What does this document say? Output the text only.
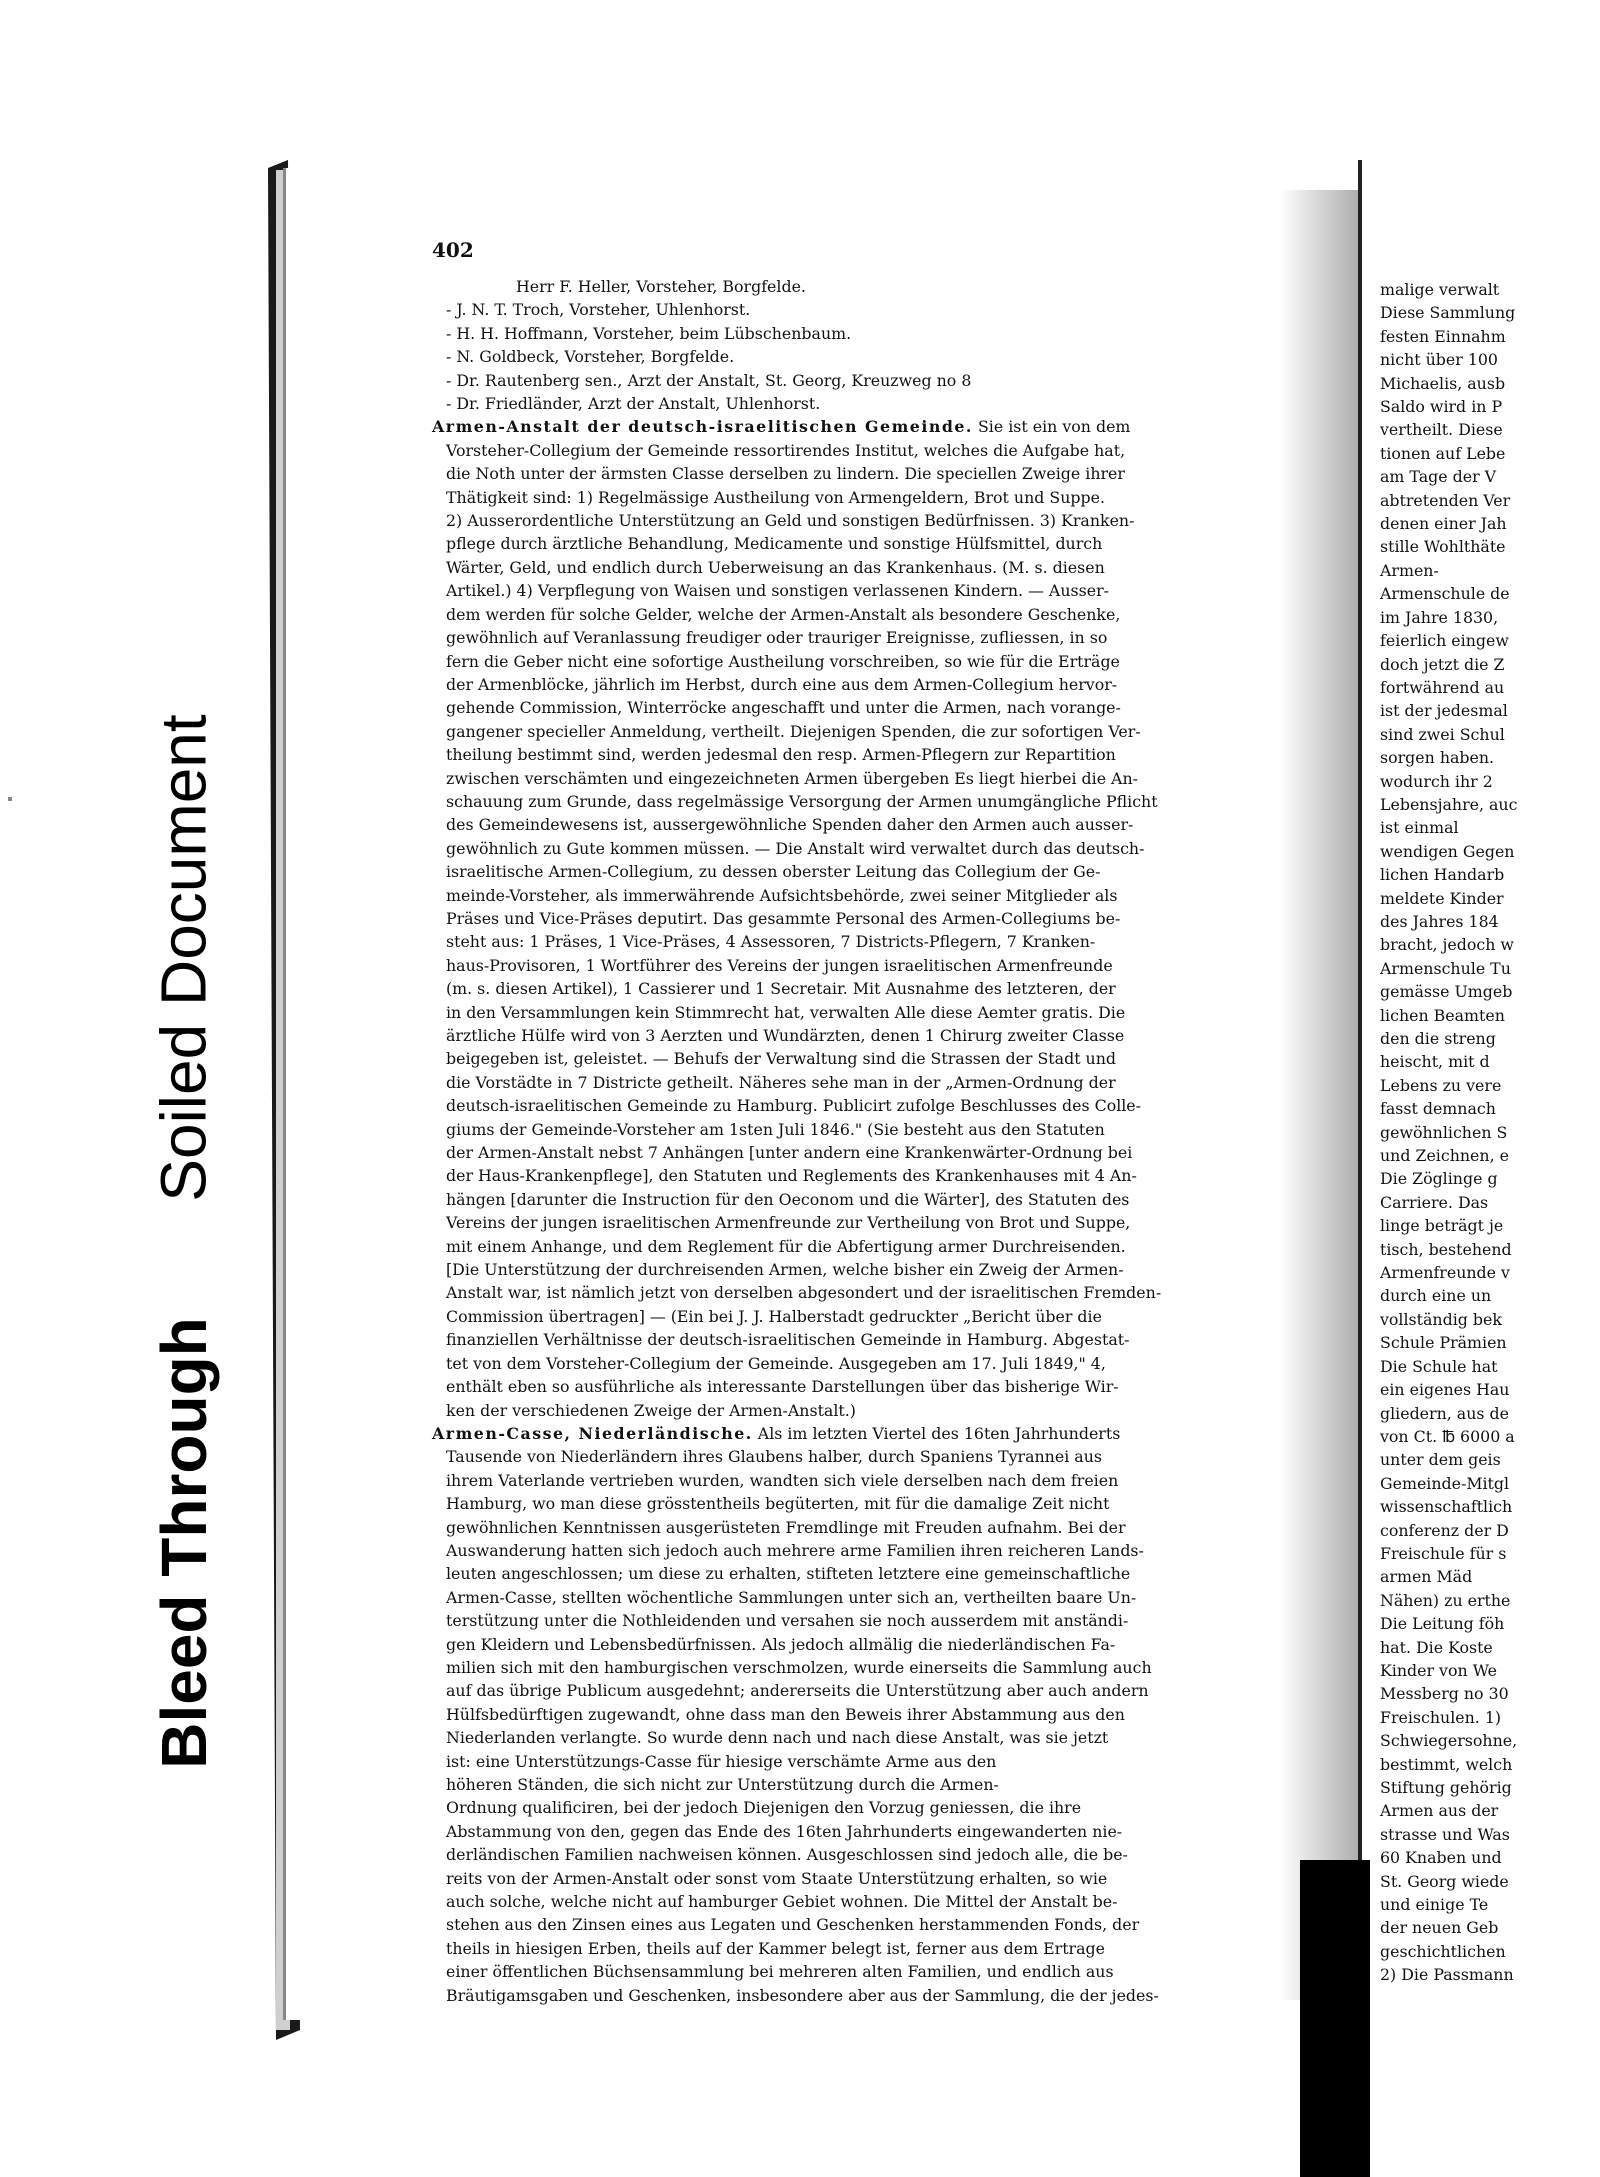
Soiled Document
Bleed Through
402
Herr F. Heller, Vorsteher, Borgfelde.
- J. N. T. Troch, Vorsteher, Uhlenhorst.
- H. H. Hoffmann, Vorsteher, beim Lübschenbaum.
- N. Goldbeck, Vorsteher, Borgfelde.
- Dr. Rautenberg sen., Arzt der Anstalt, St. Georg, Kreuzweg no 8
- Dr. Friedländer, Arzt der Anstalt, Uhlenhorst.
Armen-Anstalt der deutsch-israelitischen Gemeinde. Sie ist ein von dem
Vorsteher-Collegium der Gemeinde ressortirendes Institut, welches die Aufgabe hat,
die Noth unter der ärmsten Classe derselben zu lindern. Die speciellen Zweige ihrer
Thätigkeit sind: 1) Regelmässige Austheilung von Armengeldern, Brot und Suppe.
2) Ausserordentliche Unterstützung an Geld und sonstigen Bedürfnissen. 3) Kranken-
pflege durch ärztliche Behandlung, Medicamente und sonstige Hülfsmittel, durch
Wärter, Geld, und endlich durch Ueberweisung an das Krankenhaus. (M. s. diesen
Artikel.) 4) Verpflegung von Waisen und sonstigen verlassenen Kindern. — Ausser-
dem werden für solche Gelder, welche der Armen-Anstalt als besondere Geschenke,
gewöhnlich auf Veranlassung freudiger oder trauriger Ereignisse, zufliessen, in so
fern die Geber nicht eine sofortige Austheilung vorschreiben, so wie für die Erträge
der Armenblöcke, jährlich im Herbst, durch eine aus dem Armen-Collegium hervor-
gehende Commission, Winterröcke angeschafft und unter die Armen, nach vorange-
gangener specieller Anmeldung, vertheilt. Diejenigen Spenden, die zur sofortigen Ver-
theilung bestimmt sind, werden jedesmal den resp. Armen-Pflegern zur Repartition
zwischen verschämten und eingezeichneten Armen übergeben Es liegt hierbei die An-
schauung zum Grunde, dass regelmässige Versorgung der Armen unumgängliche Pflicht
des Gemeindewesens ist, aussergewöhnliche Spenden daher den Armen auch ausser-
gewöhnlich zu Gute kommen müssen. — Die Anstalt wird verwaltet durch das deutsch-
israelitische Armen-Collegium, zu dessen oberster Leitung das Collegium der Ge-
meinde-Vorsteher, als immerwährende Aufsichtsbehörde, zwei seiner Mitglieder als
Präses und Vice-Präses deputirt. Das gesammte Personal des Armen-Collegiums be-
steht aus: 1 Präses, 1 Vice-Präses, 4 Assessoren, 7 Districts-Pflegern, 7 Kranken-
haus-Provisoren, 1 Wortführer des Vereins der jungen israelitischen Armenfreunde
(m. s. diesen Artikel), 1 Cassierer und 1 Secretair. Mit Ausnahme des letzteren, der
in den Versammlungen kein Stimmrecht hat, verwalten Alle diese Aemter gratis. Die
ärztliche Hülfe wird von 3 Aerzten und Wundärzten, denen 1 Chirurg zweiter Classe
beigegeben ist, geleistet. — Behufs der Verwaltung sind die Strassen der Stadt und
die Vorstädte in 7 Districte getheilt. Näheres sehe man in der „Armen-Ordnung der
deutsch-israelitischen Gemeinde zu Hamburg. Publicirt zufolge Beschlusses des Colle-
giums der Gemeinde-Vorsteher am 1sten Juli 1846." (Sie besteht aus den Statuten
der Armen-Anstalt nebst 7 Anhängen [unter andern eine Krankenwärter-Ordnung bei
der Haus-Krankenpflege], den Statuten und Reglements des Krankenhauses mit 4 An-
hängen [darunter die Instruction für den Oeconom und die Wärter], des Statuten des
Vereins der jungen israelitischen Armenfreunde zur Vertheilung von Brot und Suppe,
mit einem Anhange, und dem Reglement für die Abfertigung armer Durchreisenden.
[Die Unterstützung der durchreisenden Armen, welche bisher ein Zweig der Armen-
Anstalt war, ist nämlich jetzt von derselben abgesondert und der israelitischen Fremden-
Commission übertragen] — (Ein bei J. J. Halberstadt gedruckter „Bericht über die
finanziellen Verhältnisse der deutsch-israelitischen Gemeinde in Hamburg. Abgestat-
tet von dem Vorsteher-Collegium der Gemeinde. Ausgegeben am 17. Juli 1849," 4,
enthält eben so ausführliche als interessante Darstellungen über das bisherige Wir-
ken der verschiedenen Zweige der Armen-Anstalt.)
Armen-Casse, Niederländische. Als im letzten Viertel des 16ten Jahrhunderts
Tausende von Niederländern ihres Glaubens halber, durch Spaniens Tyrannei aus
ihrem Vaterlande vertrieben wurden, wandten sich viele derselben nach dem freien
Hamburg, wo man diese grösstentheils begüterten, mit für die damalige Zeit nicht
gewöhnlichen Kenntnissen ausgerüsteten Fremdlinge mit Freuden aufnahm. Bei der
Auswanderung hatten sich jedoch auch mehrere arme Familien ihren reicheren Lands-
leuten angeschlossen; um diese zu erhalten, stifteten letztere eine gemeinschaftliche
Armen-Casse, stellten wöchentliche Sammlungen unter sich an, vertheilten baare Un-
terstützung unter die Nothleidenden und versahen sie noch ausserdem mit anständi-
gen Kleidern und Lebensbedürfnissen. Als jedoch allmälig die niederländischen Fa-
milien sich mit den hamburgischen verschmolzen, wurde einerseits die Sammlung auch
auf das übrige Publicum ausgedehnt; andererseits die Unterstützung aber auch andern
Hülfsbedürftigen zugewandt, ohne dass man den Beweis ihrer Abstammung aus den
Niederlanden verlangte. So wurde denn nach und nach diese Anstalt, was sie jetzt
ist: eine Unterstützungs-Casse für hiesige verschämte Arme aus den
höheren Ständen, die sich nicht zur Unterstützung durch die Armen-
Ordnung qualificiren, bei der jedoch Diejenigen den Vorzug geniessen, die ihre
Abstammung von den, gegen das Ende des 16ten Jahrhunderts eingewanderten nie-
derländischen Familien nachweisen können. Ausgeschlossen sind jedoch alle, die be-
reits von der Armen-Anstalt oder sonst vom Staate Unterstützung erhalten, so wie
auch solche, welche nicht auf hamburger Gebiet wohnen. Die Mittel der Anstalt be-
stehen aus den Zinsen eines aus Legaten und Geschenken herstammenden Fonds, der
theils in hiesigen Erben, theils auf der Kammer belegt ist, ferner aus dem Ertrage
einer öffentlichen Büchsensammlung bei mehreren alten Familien, und endlich aus
Bräutigamsgaben und Geschenken, insbesondere aber aus der Sammlung, die der jedes-
malige verwalt
Diese Sammlung
festen Einnahm
nicht über 100
Michaelis, ausb
Saldo wird in P
vertheilt. Diese
tionen auf Lebe
am Tage der V
abtretenden Ver
denen einer Jah
stille Wohlthäte
Armen-
Armenschule de
im Jahre 1830,
feierlich eingew
doch jetzt die Z
fortwährend au
ist der jedesmal
sind zwei Schul
sorgen haben.
wodurch ihr 2
Lebensjahre, auc
ist einmal
wendigen Gegen
lichen Handarb
meldete Kinder
des Jahres 184
bracht, jedoch w
Armenschule Tu
gemässe Umgeb
lichen Beamten
den die streng
heischt, mit d
Lebens zu vere
fasst demnach
gewöhnlichen S
und Zeichnen, e
Die Zöglinge g
Carriere. Das
linge beträgt je
tisch, bestehend
Armenfreunde v
durch eine un
vollständig bek
Schule Prämien
Die Schule hat
ein eigenes Hau
gliedern, aus de
von Ct. ℔ 6000 a
unter dem geis
Gemeinde-Mitgl
wissenschaftlich
conferenz der D
Freischule für s
armen Mäd
Nähen) zu erthe
Die Leitung föh
hat. Die Koste
Kinder von We
Messberg no 30
Freischulen. 1)
Schwiegersohne,
bestimmt, welch
Stiftung gehörig
Armen aus der
strasse und Was
60 Knaben und
St. Georg wiede
und einige Te
der neuen Geb
geschichtlichen
2) Die Passmann
